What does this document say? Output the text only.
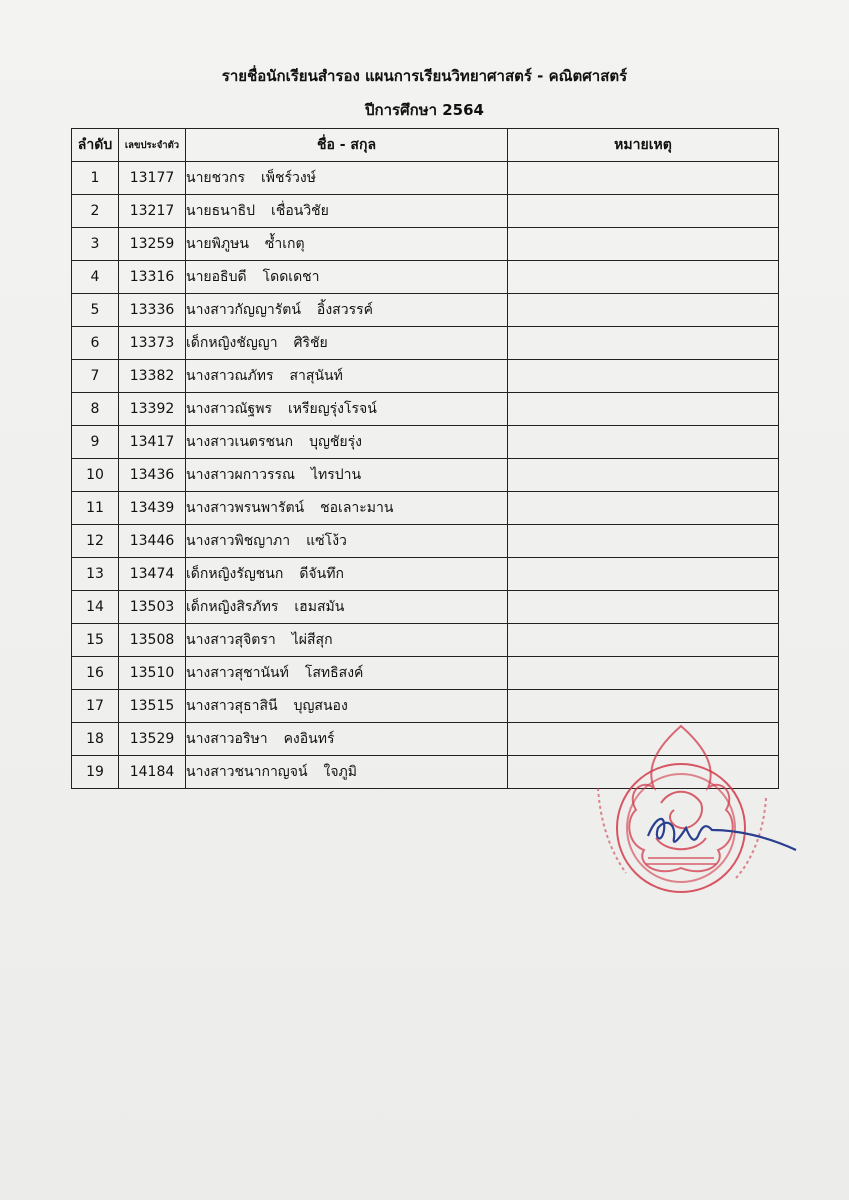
รายชื่อนักเรียนสำรอง แผนการเรียนวิทยาศาสตร์ - คณิตศาสตร์
ปีการศึกษา 2564
ลำดับ	เลขประจำตัว	ชื่อ - สกุล	หมายเหตุ
1	13177	นายชวกร เพ็ชร์วงษ์	
2	13217	นายธนาธิป เชื่อนวิชัย	
3	13259	นายพิภูษน ซ้ำเกตุ	
4	13316	นายอธิบดี โดดเดชา	
5	13336	นางสาวกัญญารัตน์ อิ้งสวรรค์	
6	13373	เด็กหญิงชัญญา ศิริชัย	
7	13382	นางสาวณภัทร สาสุนันท์	
8	13392	นางสาวณัฐพร เหรียญรุ่งโรจน์	
9	13417	นางสาวเนตรชนก บุญชัยรุ่ง	
10	13436	นางสาวผกาวรรณ ไทรปาน	
11	13439	นางสาวพรนพารัตน์ ชอเลาะมาน	
12	13446	นางสาวพิชญาภา แซ่โง้ว	
13	13474	เด็กหญิงรัญชนก ดีจันทึก	
14	13503	เด็กหญิงสิรภัทร เฮมสมัน	
15	13508	นางสาวสุจิตรา ไผ่สีสุก	
16	13510	นางสาวสุชานันท์ โสทธิสงค์	
17	13515	นางสาวสุธาสินี บุญสนอง	
18	13529	นางสาวอริษา คงอินทร์	
19	14184	นางสาวชนากาญจน์ ใจภูมิ	
